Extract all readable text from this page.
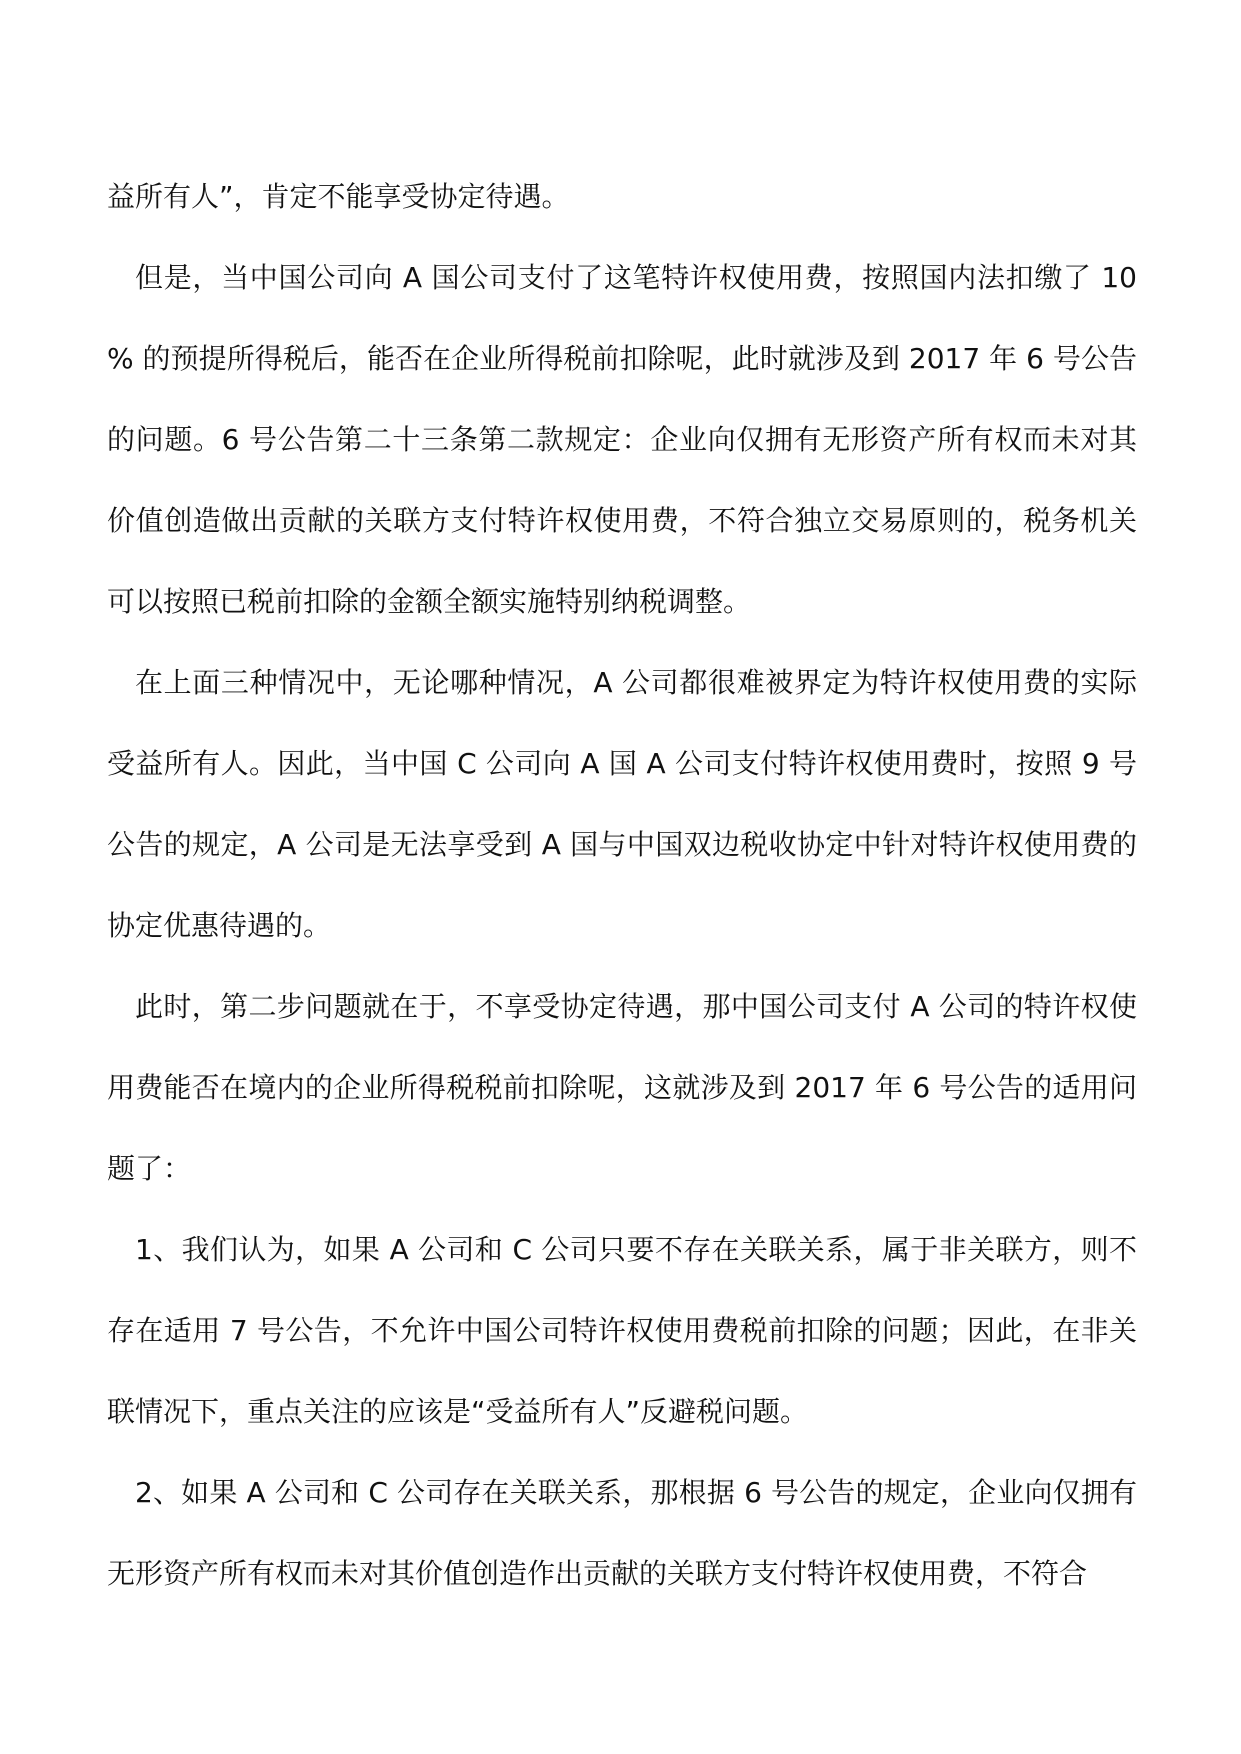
益所有人”，肯定不能享受协定待遇。

但是，当中国公司向 A 国公司支付了这笔特许权使用费，按照国内法扣缴了 10% 的预提所得税后，能否在企业所得税前扣除呢，此时就涉及到 2017 年 6 号公告的问题。6 号公告第二十三条第二款规定：企业向仅拥有无形资产所有权而未对其价值创造做出贡献的关联方支付特许权使用费，不符合独立交易原则的，税务机关可以按照已税前扣除的金额全额实施特别纳税调整。

在上面三种情况中，无论哪种情况，A 公司都很难被界定为特许权使用费的实际受益所有人。因此，当中国 C 公司向 A 国 A 公司支付特许权使用费时，按照 9 号公告的规定，A 公司是无法享受到 A 国与中国双边税收协定中针对特许权使用费的协定优惠待遇的。

此时，第二步问题就在于，不享受协定待遇，那中国公司支付 A 公司的特许权使用费能否在境内的企业所得税税前扣除呢，这就涉及到 2017 年 6 号公告的适用问题了：

1、我们认为，如果 A 公司和 C 公司只要不存在关联关系，属于非关联方，则不存在适用 7 号公告，不允许中国公司特许权使用费税前扣除的问题；因此，在非关联情况下，重点关注的应该是“受益所有人”反避税问题。

2、如果 A 公司和 C 公司存在关联关系，那根据 6 号公告的规定，企业向仅拥有无形资产所有权而未对其价值创造作出贡献的关联方支付特许权使用费，不符合
